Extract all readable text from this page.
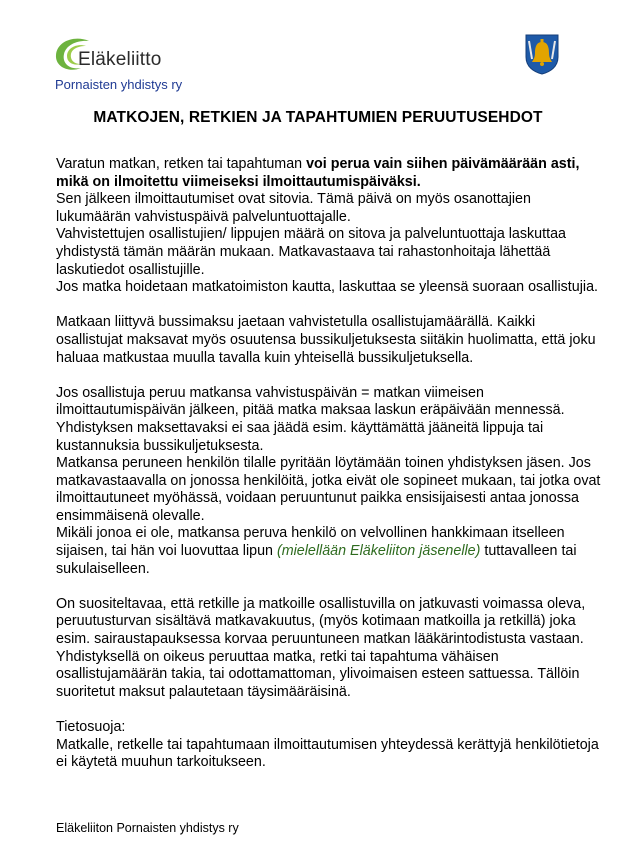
Eläkeliitto
Pornaisten yhdistys ry
MATKOJEN, RETKIEN JA TAPAHTUMIEN PERUUTUSEHDOT

Varatun matkan, retken tai tapahtuman voi perua vain siihen päivämäärään asti, mikä on ilmoitettu viimeiseksi ilmoittautumispäiväksi.

Sen jälkeen ilmoittautumiset ovat sitovia. Tämä päivä on myös osanottajien lukumäärän vahvistuspäivä palveluntuottajalle.

Vahvistettujen osallistujien/ lippujen määrä on sitova ja palveluntuottaja laskuttaa yhdistystä tämän määrän mukaan. Matkavastaava tai rahastonhoitaja lähettää laskutiedot osallistujille.

Jos matka hoidetaan matkatoimiston kautta, laskuttaa se yleensä suoraan osallistujia.

Matkaan liittyvä bussimaksu jaetaan vahvistetulla osallistujamäärällä. Kaikki osallistujat maksavat myös osuutensa bussikuljetuksesta siitäkin huolimatta, että joku haluaa matkustaa muulla tavalla kuin yhteisellä bussikuljetuksella.

Jos osallistuja peruu matkansa vahvistuspäivän = matkan viimeisen ilmoittautumispäivän jälkeen, pitää matka maksaa laskun eräpäivään mennessä. Yhdistyksen maksettavaksi ei saa jäädä esim. käyttämättä jääneitä lippuja tai kustannuksia bussikuljetuksesta.

Matkansa peruneen henkilön tilalle pyritään löytämään toinen yhdistyksen jäsen. Jos matkavastaavalla on jonossa henkilöitä, jotka eivät ole sopineet mukaan, tai jotka ovat ilmoittautuneet myöhässä, voidaan peruuntunut paikka ensisijaisesti antaa jonossa ensimmäisenä olevalle.

Mikäli jonoa ei ole, matkansa peruva henkilö on velvollinen hankkimaan itselleen sijaisen, tai hän voi luovuttaa lipun (mielellään Eläkeliiton jäsenelle) tuttavalleen tai sukulaiselleen.

On suositeltavaa, että retkille ja matkoille osallistuvilla on jatkuvasti voimassa oleva, peruutusturvan sisältävä matkavakuutus, (myös kotimaan matkoilla ja retkillä) joka esim. sairaustapauksessa korvaa peruuntuneen matkan lääkärintodistusta vastaan.

Yhdistyksellä on oikeus peruuttaa matka, retki tai tapahtuma vähäisen osallistujamäärän takia, tai odottamattoman, ylivoimaisen esteen sattuessa. Tällöin suoritetut maksut palautetaan täysimääräisinä.

Tietosuoja:

Matkalle, retkelle tai tapahtumaan ilmoittautumisen yhteydessä kerättyjä henkilötietoja ei käytetä muuhun tarkoitukseen.

Eläkeliiton Pornaisten yhdistys ry
